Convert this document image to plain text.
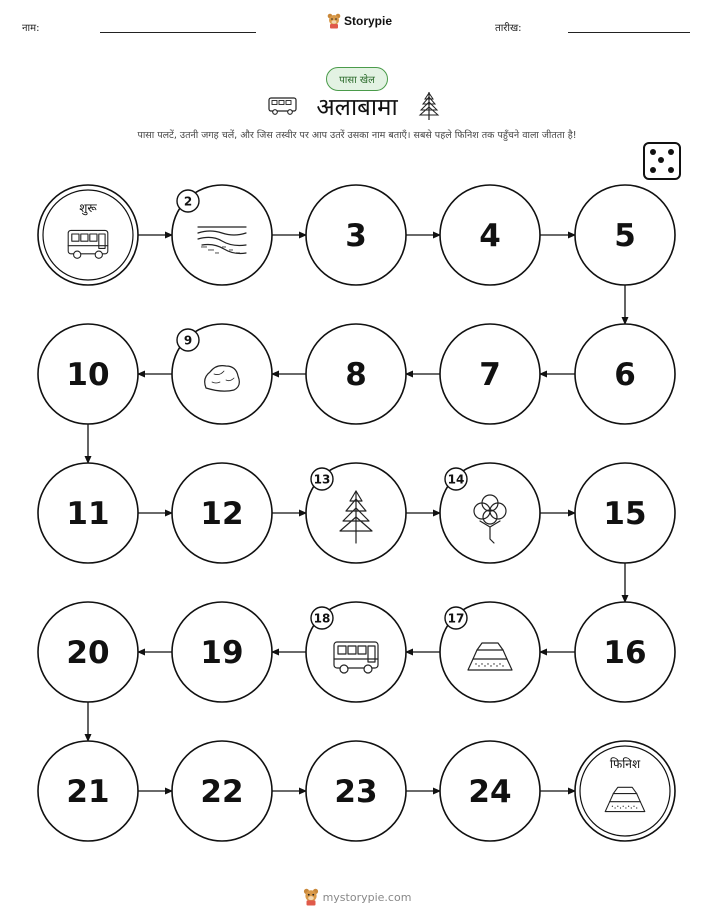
नाम:
Storypie
तारीख:
पासा खेल
अलाबामा
पासा पलटें, उतनी जगह चलें, और जिस तस्वीर पर आप उतरें उसका नाम बताएँ। सबसे पहले फिनिश तक पहुँचने वाला जीतता है!
शुरू	2
3	4	5
6
7
8
9
10
11	12
13	14
15
16
17
18
19
20
21	22	23	24
फिनिश
mystorypie.com
